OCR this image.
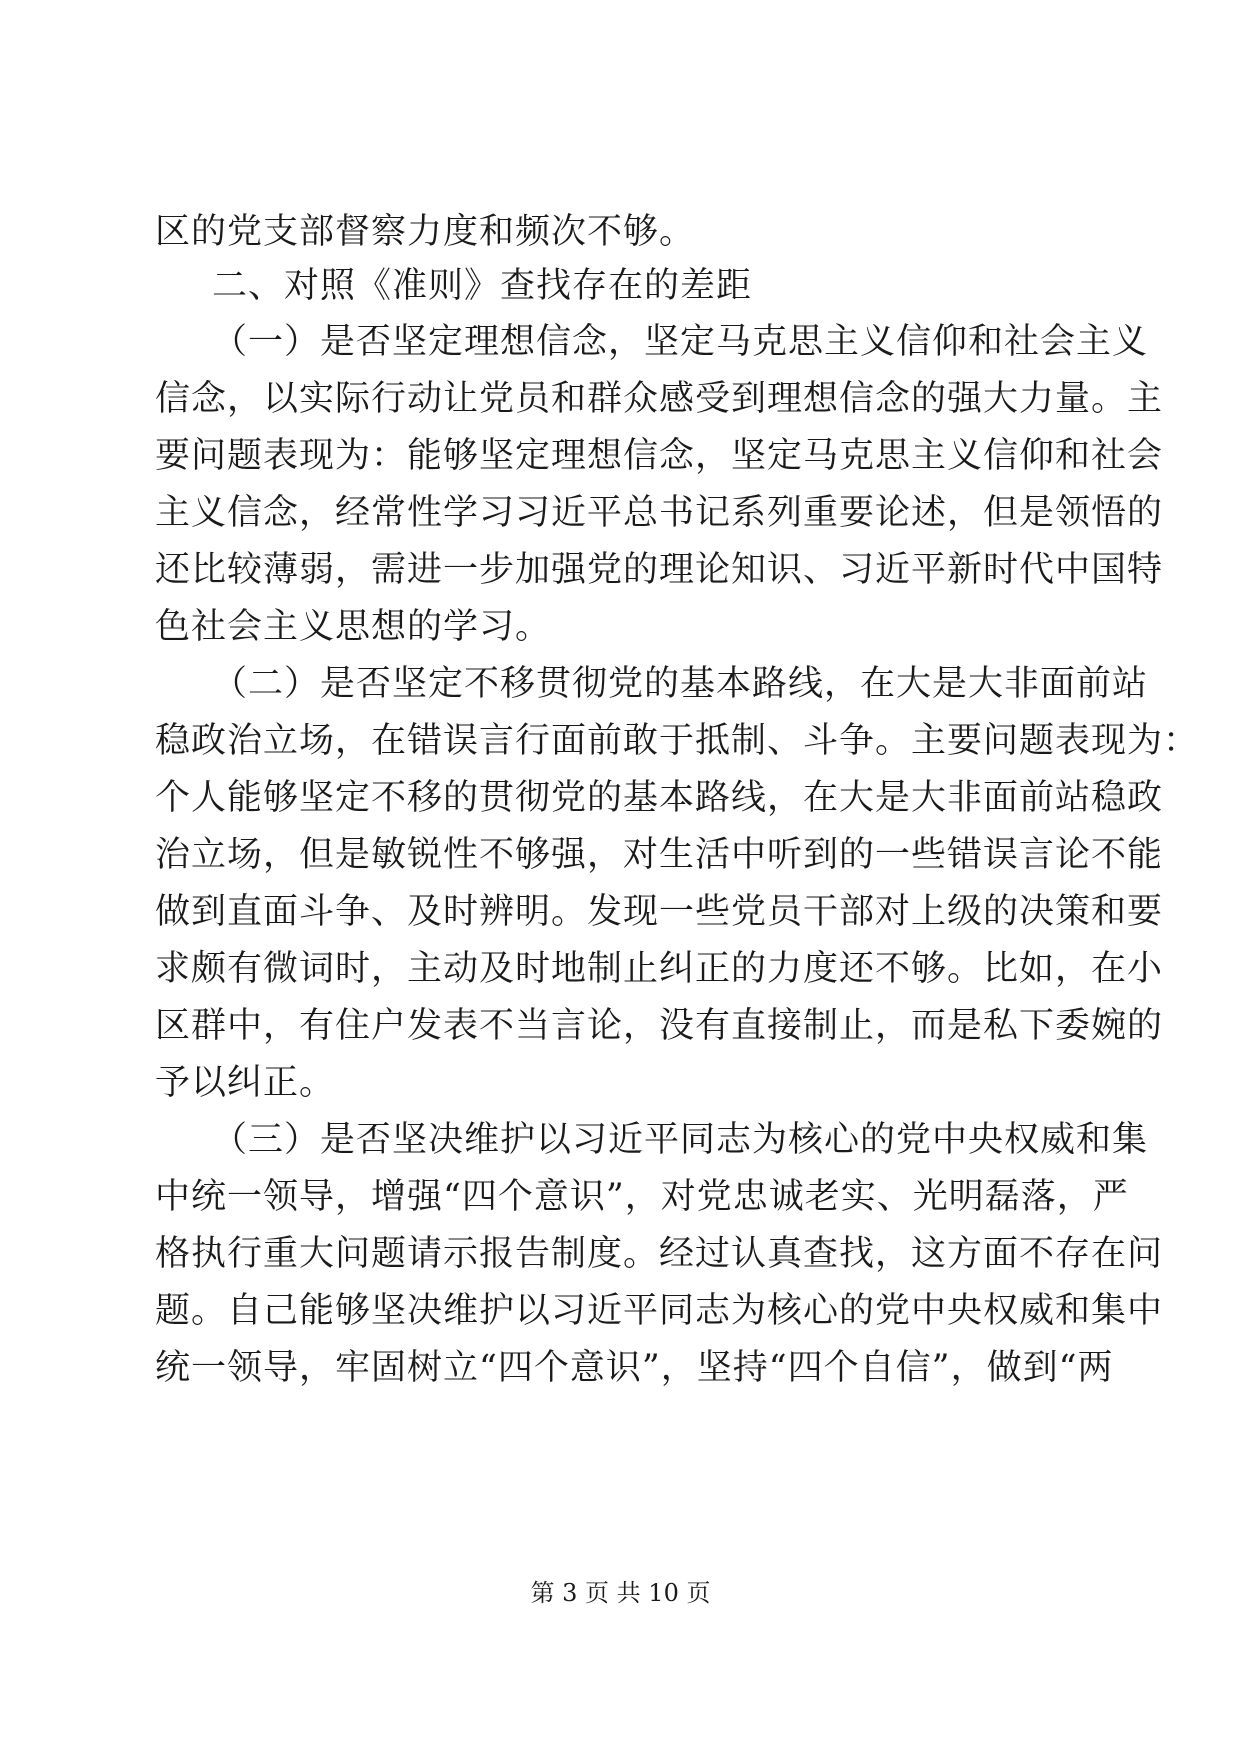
区的党支部督察力度和频次不够。
二、对照《准则》查找存在的差距
（一）是否坚定理想信念，坚定马克思主义信仰和社会主义
信念，以实际行动让党员和群众感受到理想信念的强大力量。主
要问题表现为：能够坚定理想信念，坚定马克思主义信仰和社会
主义信念，经常性学习习近平总书记系列重要论述，但是领悟的
还比较薄弱，需进一步加强党的理论知识、习近平新时代中国特
色社会主义思想的学习。
（二）是否坚定不移贯彻党的基本路线，在大是大非面前站
稳政治立场，在错误言行面前敢于抵制、斗争。主要问题表现为：
个人能够坚定不移的贯彻党的基本路线，在大是大非面前站稳政
治立场，但是敏锐性不够强，对生活中听到的一些错误言论不能
做到直面斗争、及时辨明。发现一些党员干部对上级的决策和要
求颇有微词时，主动及时地制止纠正的力度还不够。比如，在小
区群中，有住户发表不当言论，没有直接制止，而是私下委婉的
予以纠正。
（三）是否坚决维护以习近平同志为核心的党中央权威和集
中统一领导，增强“四个意识”，对党忠诚老实、光明磊落，严
格执行重大问题请示报告制度。经过认真查找，这方面不存在问
题。自己能够坚决维护以习近平同志为核心的党中央权威和集中
统一领导，牢固树立“四个意识”，坚持“四个自信”，做到“两
第 3 页 共 10 页
